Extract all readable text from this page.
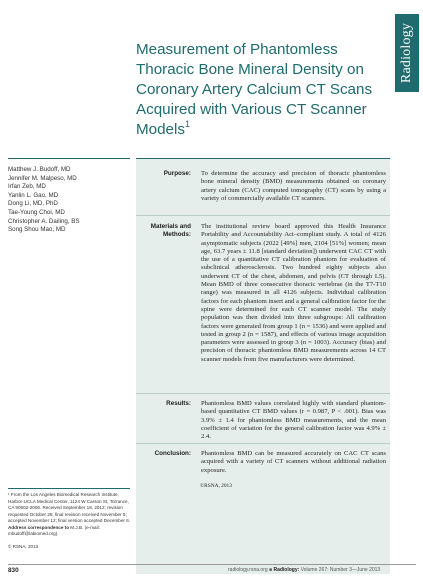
Radiology
Measurement of Phantomless Thoracic Bone Mineral Density on Coronary Artery Calcium CT Scans Acquired with Various CT Scanner Models$^1$
Matthew J. Budoff, MD
Jennifer M. Malpeso, MD
Irfan Zeb, MD
Yanlin L. Gao, MD
Dong Li, MD, PhD
Tae-Young Choi, MD
Christopher A. Dailing, BS
Song Shou Mao, MD
Purpose: To determine the accuracy and precision of thoracic phantomless bone mineral density (BMD) measurements obtained on coronary artery calcium (CAC) computed tomography (CT) scans by using a variety of commercially available CT scanners.
Materials and
Methods:
The institutional review board approved this Health Insurance Portability and Accountability Act–compliant study. A total of 4126 asymptomatic subjects (2022 [49%] men, 2104 [51%] women; mean age, 63.7 years ± 11.8 [standard deviation]) underwent CAC CT with the use of a quantitative CT calibration phantom for evaluation of subclinical atherosclerosis. Two hundred eighty subjects also underwent CT of the chest, abdomen, and pelvis (CT through L5). Mean BMD of three consecutive thoracic vertebrae (in the T7-T10 range) was measured in all 4126 subjects. Individual calibration factors for each phantom insert and a general calibration factor for the spine were determined for each CT scanner model. The study population was then divided into three subgroups: All calibration factors were generated from group 1 (n = 1536) and were applied and tested in group 2 (n = 1587), and effects of various image acquisition parameters were assessed in group 3 (n = 1003). Accuracy (bias) and precision of thoracic phantomless BMD measurements across 14 CT scanner models from five manufacturers were determined.
Results: Phantomless BMD values correlated highly with standard phantom-based quantitative CT BMD values (r = 0.987, P < .001). Bias was 3.9% ± 1.4 for phantomless BMD measurements, and the mean coefficient of variation for the general calibration factor was 4.9% ± 2.4.
Conclusion: Phantomless BMD can be measured accurately on CAC CT scans acquired with a variety of CT scanners without additional radiation exposure.
©RSNA, 2013
¹ From the Los Angeles Biomedical Research Institute, Harbor-UCLA Medical Center, 1124 W Carson St, Torrance, CA 90502-2006. Received September 18, 2012; revision requested October 25; final revision received November 5; accepted November 12; final version accepted December 6. Address correspondence to M.J.B. (e-mail: mbudoff@labiomed.org).
© RSNA, 2013
830	radiology.rsna.org ■ Radiology: Volume 267: Number 3—June 2013
